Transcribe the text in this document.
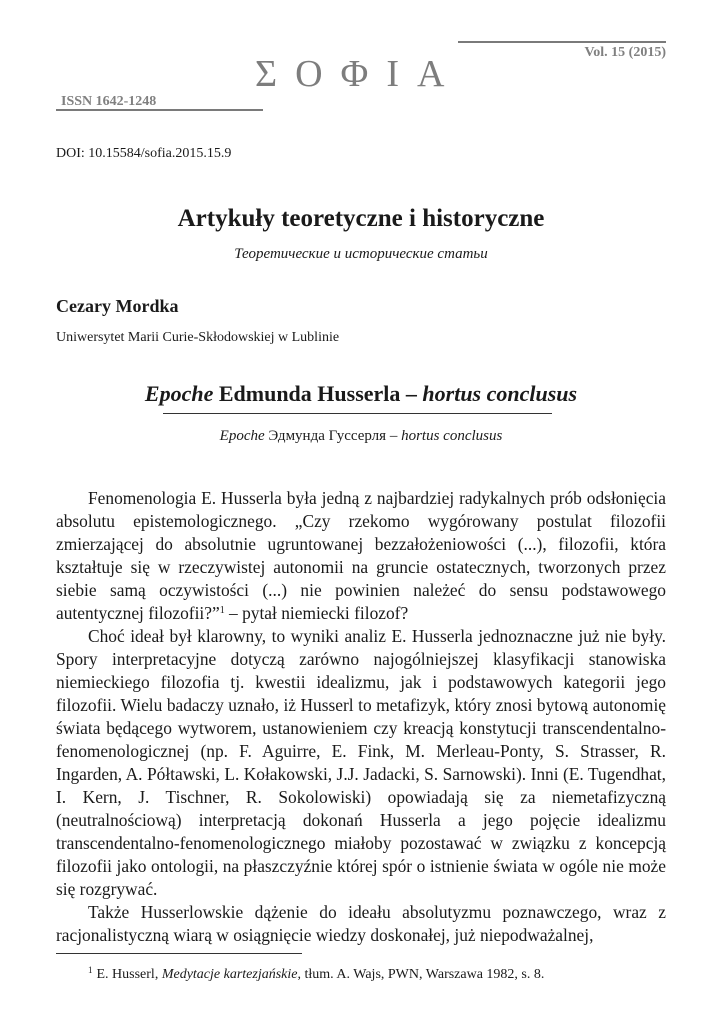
Vol. 15 (2015)
ΣΟΦΙΑ
ISSN 1642-1248
DOI: 10.15584/sofia.2015.15.9
Artykuły teoretyczne i historyczne
Теоретические и исторические статьи
Cezary Mordka
Uniwersytet Marii Curie-Skłodowskiej w Lublinie
Epoche Edmunda Husserla – hortus conclusus
Epoche Эдмунда Гуссерля – hortus conclusus

Fenomenologia E. Husserla była jedną z najbardziej radykalnych prób odsłonięcia absolutu epistemologicznego. „Czy rzekomo wygórowany postulat filozofii zmierzającej do absolutnie ugruntowanej bezzałożeniowości (...), filozofii, która kształtuje się w rzeczywistej autonomii na gruncie ostatecznych, tworzonych przez siebie samą oczywistości (...) nie powinien należeć do sensu podstawowego autentycznej filozofii?”$^1$ – pytał niemiecki filozof?

Choć ideał był klarowny, to wyniki analiz E. Husserla jednoznaczne już nie były. Spory interpretacyjne dotyczą zarówno najogólniejszej klasyfikacji stanowiska niemieckiego filozofia tj. kwestii idealizmu, jak i podstawowych kategorii jego filozofii. Wielu badaczy uznało, iż Husserl to metafizyk, który znosi bytową autonomię świata będącego wytworem, ustanowieniem czy kreacją konstytucji transcendentalno-fenomenologicznej (np. F. Aguirre, E. Fink, M. Merleau-Ponty, S. Strasser, R. Ingarden, A. Półtawski, L. Kołakowski, J.J. Jadacki, S. Sarnowski). Inni (E. Tugendhat, I. Kern, J. Tischner, R. Sokolowiski) opowiadają się za niemetafizyczną (neutralnościową) interpretacją dokonań Husserla a jego pojęcie idealizmu transcendentalno-fenomenologicznego miałoby pozostawać w związku z koncepcją filozofii jako ontologii, na płaszczyźnie której spór o istnienie świata w ogóle nie może się rozgrywać.

Także Husserlowskie dążenie do ideału absolutyzmu poznawczego, wraz z racjonalistyczną wiarą w osiągnięcie wiedzy doskonałej, już niepodważalnej,

$^1$ E. Husserl, Medytacje kartezjańskie, tłum. A. Wajs, PWN, Warszawa 1982, s. 8.
